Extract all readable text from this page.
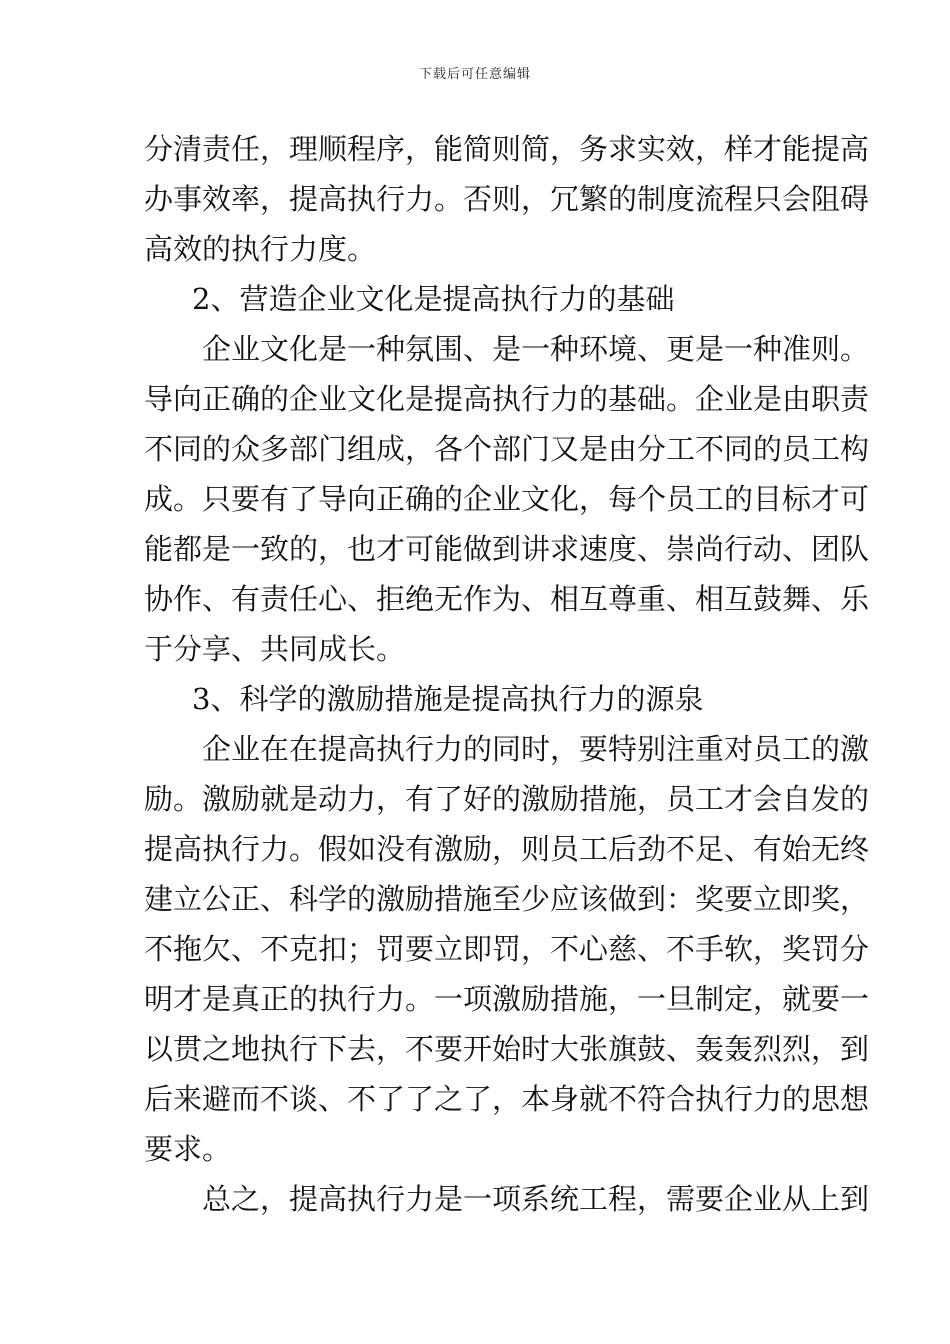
下载后可任意编辑
分清责任，理顺程序，能简则简，务求实效，样才能提高
办事效率，提高执行力。否则，冗繁的制度流程只会阻碍
高效的执行力度。
2、营造企业文化是提高执行力的基础
企业文化是一种氛围、是一种环境、更是一种准则。
导向正确的企业文化是提高执行力的基础。企业是由职责
不同的众多部门组成，各个部门又是由分工不同的员工构
成。只要有了导向正确的企业文化，每个员工的目标才可
能都是一致的，也才可能做到讲求速度、崇尚行动、团队
协作、有责任心、拒绝无作为、相互尊重、相互鼓舞、乐
于分享、共同成长。
3、科学的激励措施是提高执行力的源泉
企业在在提高执行力的同时，要特别注重对员工的激
励。激励就是动力，有了好的激励措施，员工才会自发的
提高执行力。假如没有激励，则员工后劲不足、有始无终
建立公正、科学的激励措施至少应该做到：奖要立即奖，
不拖欠、不克扣；罚要立即罚，不心慈、不手软，奖罚分
明才是真正的执行力。一项激励措施，一旦制定，就要一
以贯之地执行下去，不要开始时大张旗鼓、轰轰烈烈，到
后来避而不谈、不了了之了，本身就不符合执行力的思想
要求。
总之，提高执行力是一项系统工程，需要企业从上到
